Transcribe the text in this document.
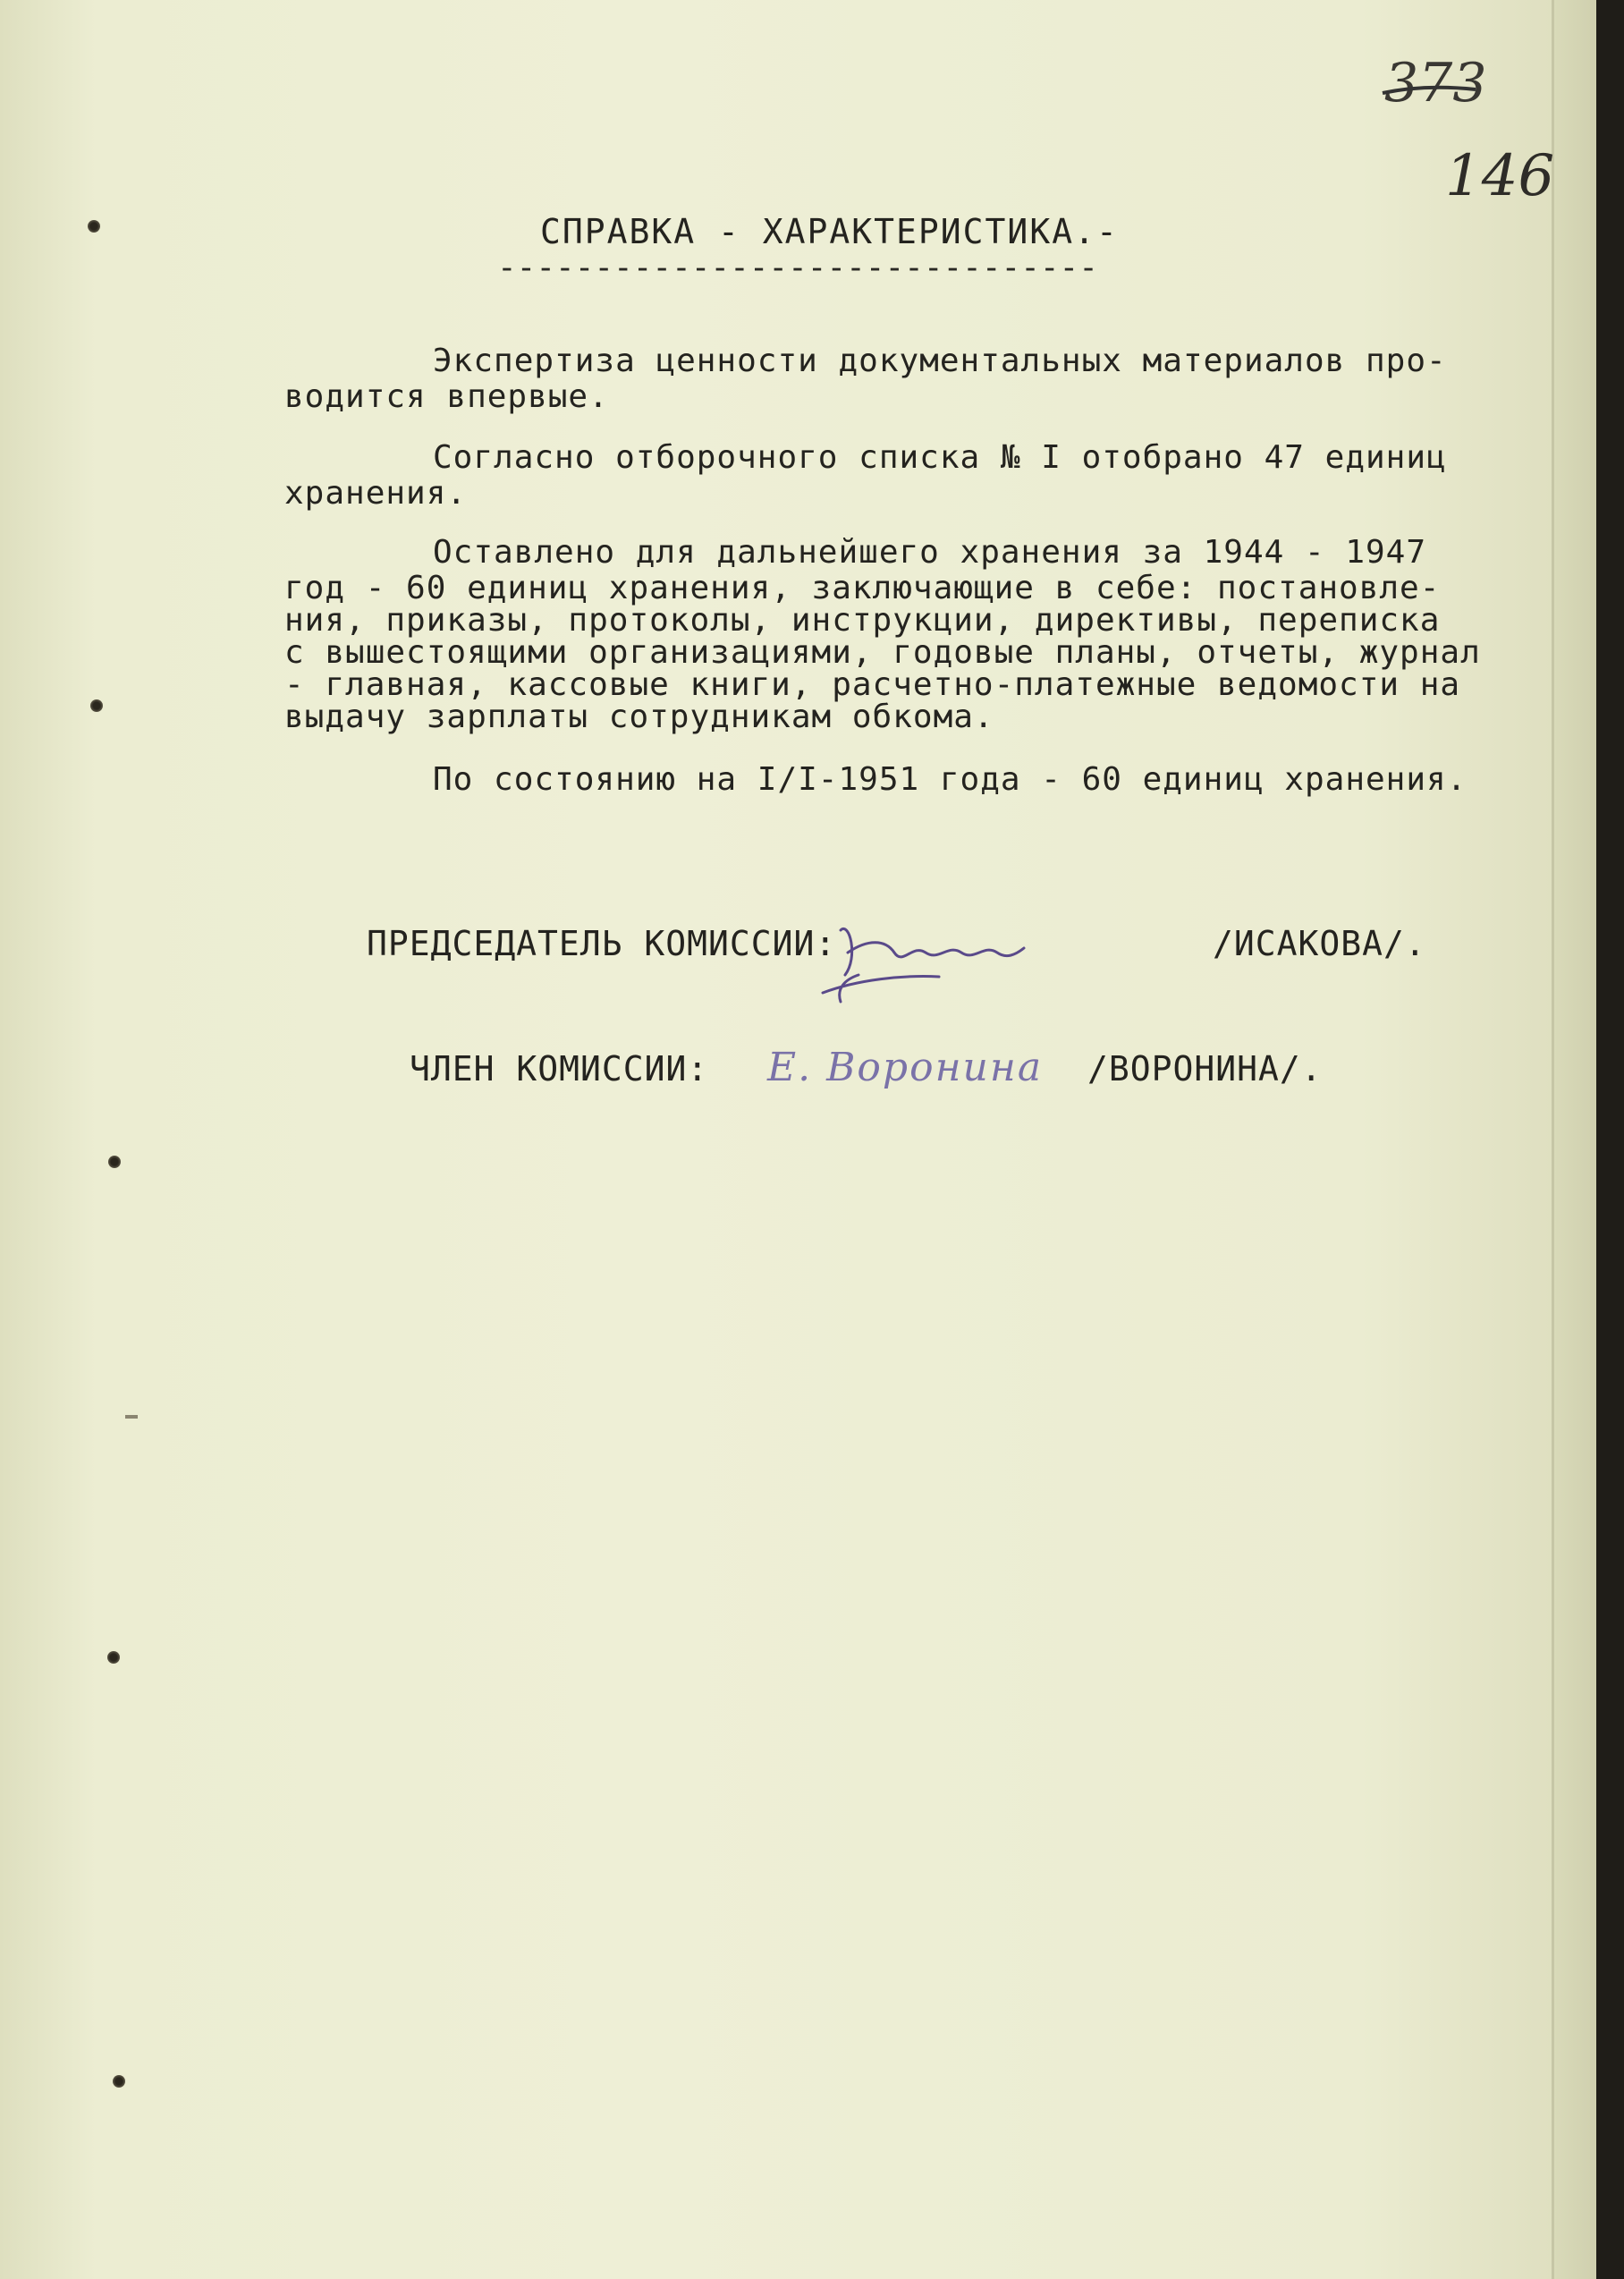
373
146
СПРАВКА - ХАРАКТЕРИСТИКА.-
-------------------------------
Экспертиза ценности документальных материалов про-
водится впервые.
Согласно отборочного списка № I отобрано 47 единиц
хранения.
Оставлено для дальнейшего хранения за 1944 - 1947
год - 60 единиц хранения, заключающие в себе: постановле-
ния, приказы, протоколы, инструкции, директивы, переписка
с вышестоящими организациями, годовые планы, отчеты, журнал
- главная, кассовые книги, расчетно-платежные ведомости на
выдачу зарплаты сотрудникам обкома.
По состоянию на I/I-1951 года - 60 единиц хранения.
ПРЕДСЕДАТЕЛЬ КОМИССИИ:	/ИСАКОВА/.
ЧЛЕН КОМИССИИ: Е. Воронина /ВОРОНИНА/.
